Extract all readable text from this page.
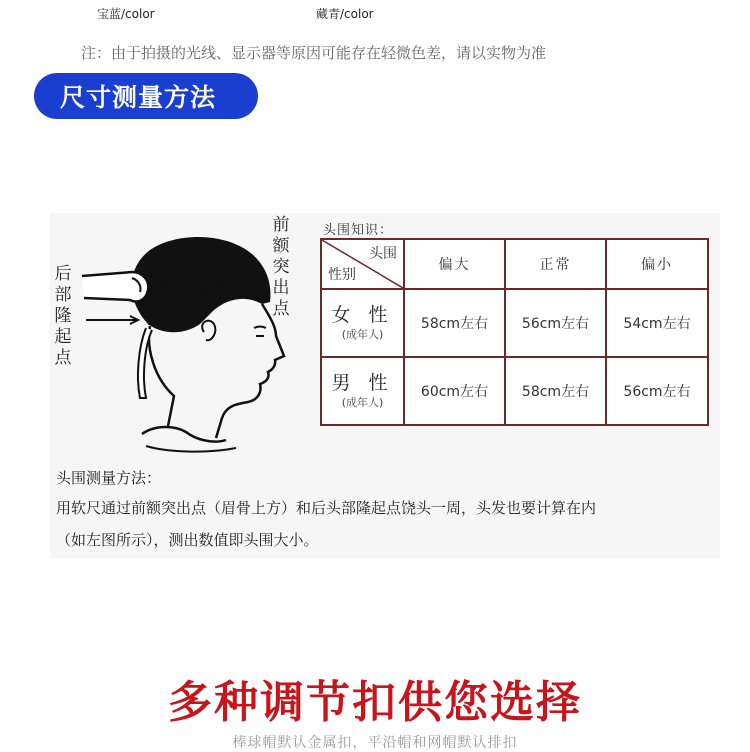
宝蓝/color	藏青/color
注：由于拍摄的光线、显示器等原因可能存在轻微色差，请以实物为准
尺寸测量方法
前
额
突
出
点
后
部
隆
起
点
头围知识：
头围
性别	偏大	正常	偏小

女 性
(成年人)	58cm左右	56cm左右	54cm左右

男 性
(成年人)	60cm左右	58cm左右	56cm左右
头围测量方法：
用软尺通过前额突出点（眉骨上方）和后头部隆起点饶头一周，头发也要计算在内
（如左图所示），测出数值即头围大小。
多种调节扣供您选择
棒球帽默认金属扣，平沿帽和网帽默认排扣
